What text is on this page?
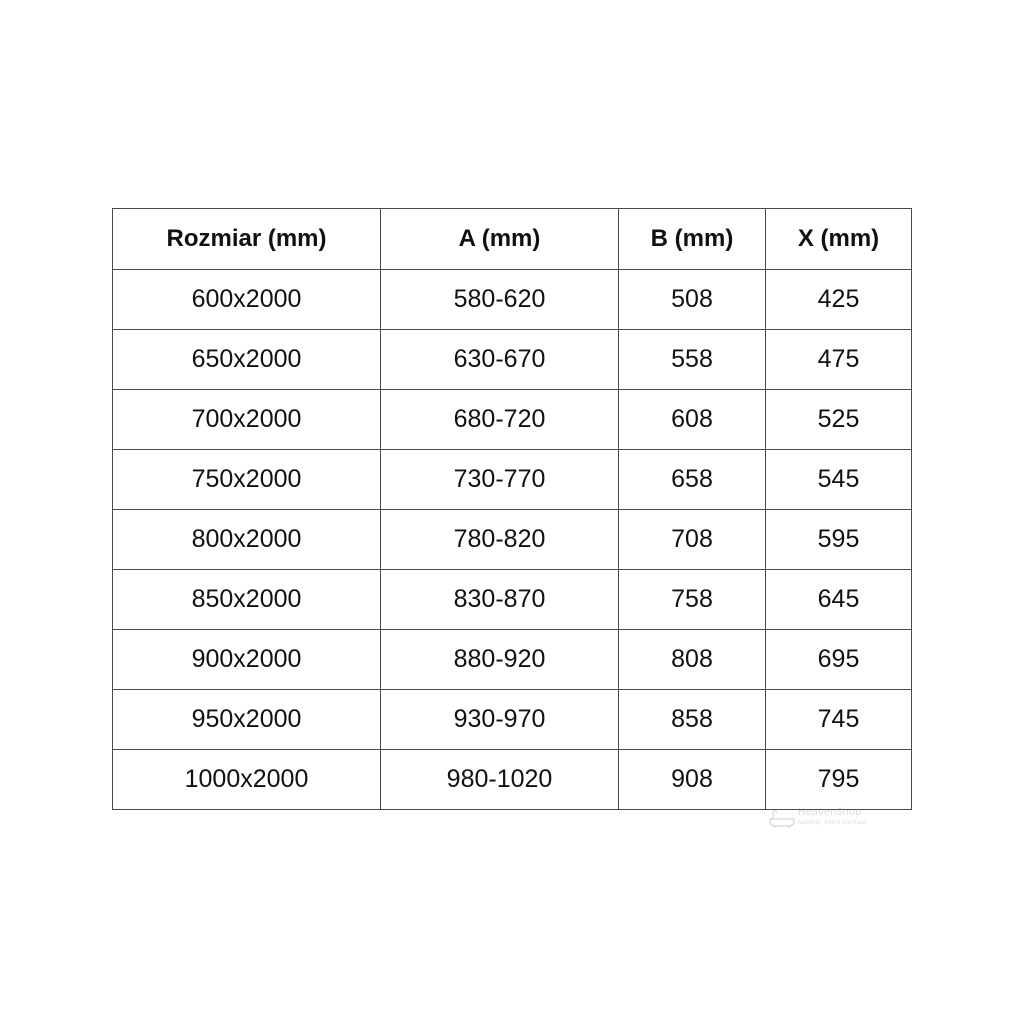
Rozmiar (mm)	A (mm)	B (mm)	X (mm)
600x2000	580-620	508	425
650x2000	630-670	558	475
700x2000	680-720	608	525
750x2000	730-770	658	545
800x2000	780-820	708	595
850x2000	830-870	758	645
900x2000	880-920	808	695
950x2000	930-970	858	745
1000x2000	980-1020	908	795
HeavenShop
łazienki, które kochasz
